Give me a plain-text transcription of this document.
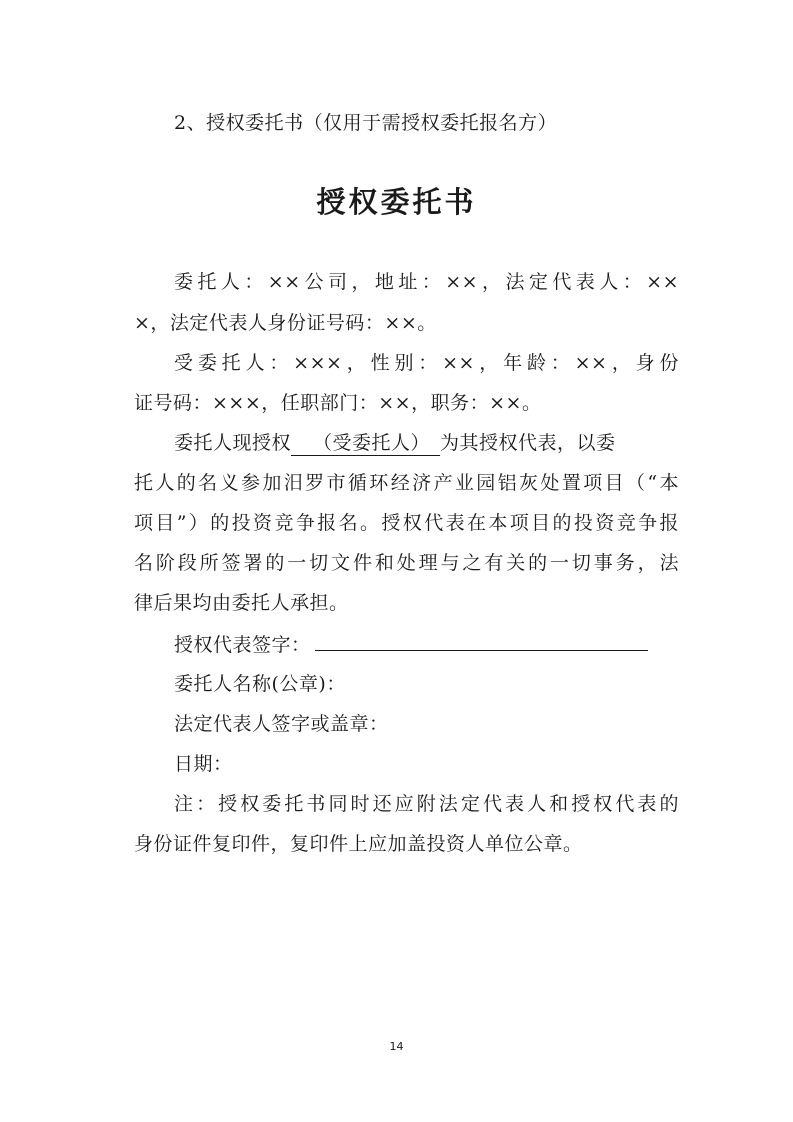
2、授权委托书（仅用于需授权委托报名方）
授权委托书
委托人：××公司，地址：××，法定代表人：××
×，法定代表人身份证号码：××。
受委托人：×××，性别：××，年龄：××，身份
证号码：×××，任职部门：××，职务：××。
委托人现授权 （受委托人） 为其授权代表，以委
托人的名义参加汨罗市循环经济产业园铝灰处置项目（“本
项目”）的投资竞争报名。授权代表在本项目的投资竞争报
名阶段所签署的一切文件和处理与之有关的一切事务，法
律后果均由委托人承担。
授权代表签字：
委托人名称(公章)：
法定代表人签字或盖章：
日期：
注：授权委托书同时还应附法定代表人和授权代表的
身份证件复印件，复印件上应加盖投资人单位公章。
14
